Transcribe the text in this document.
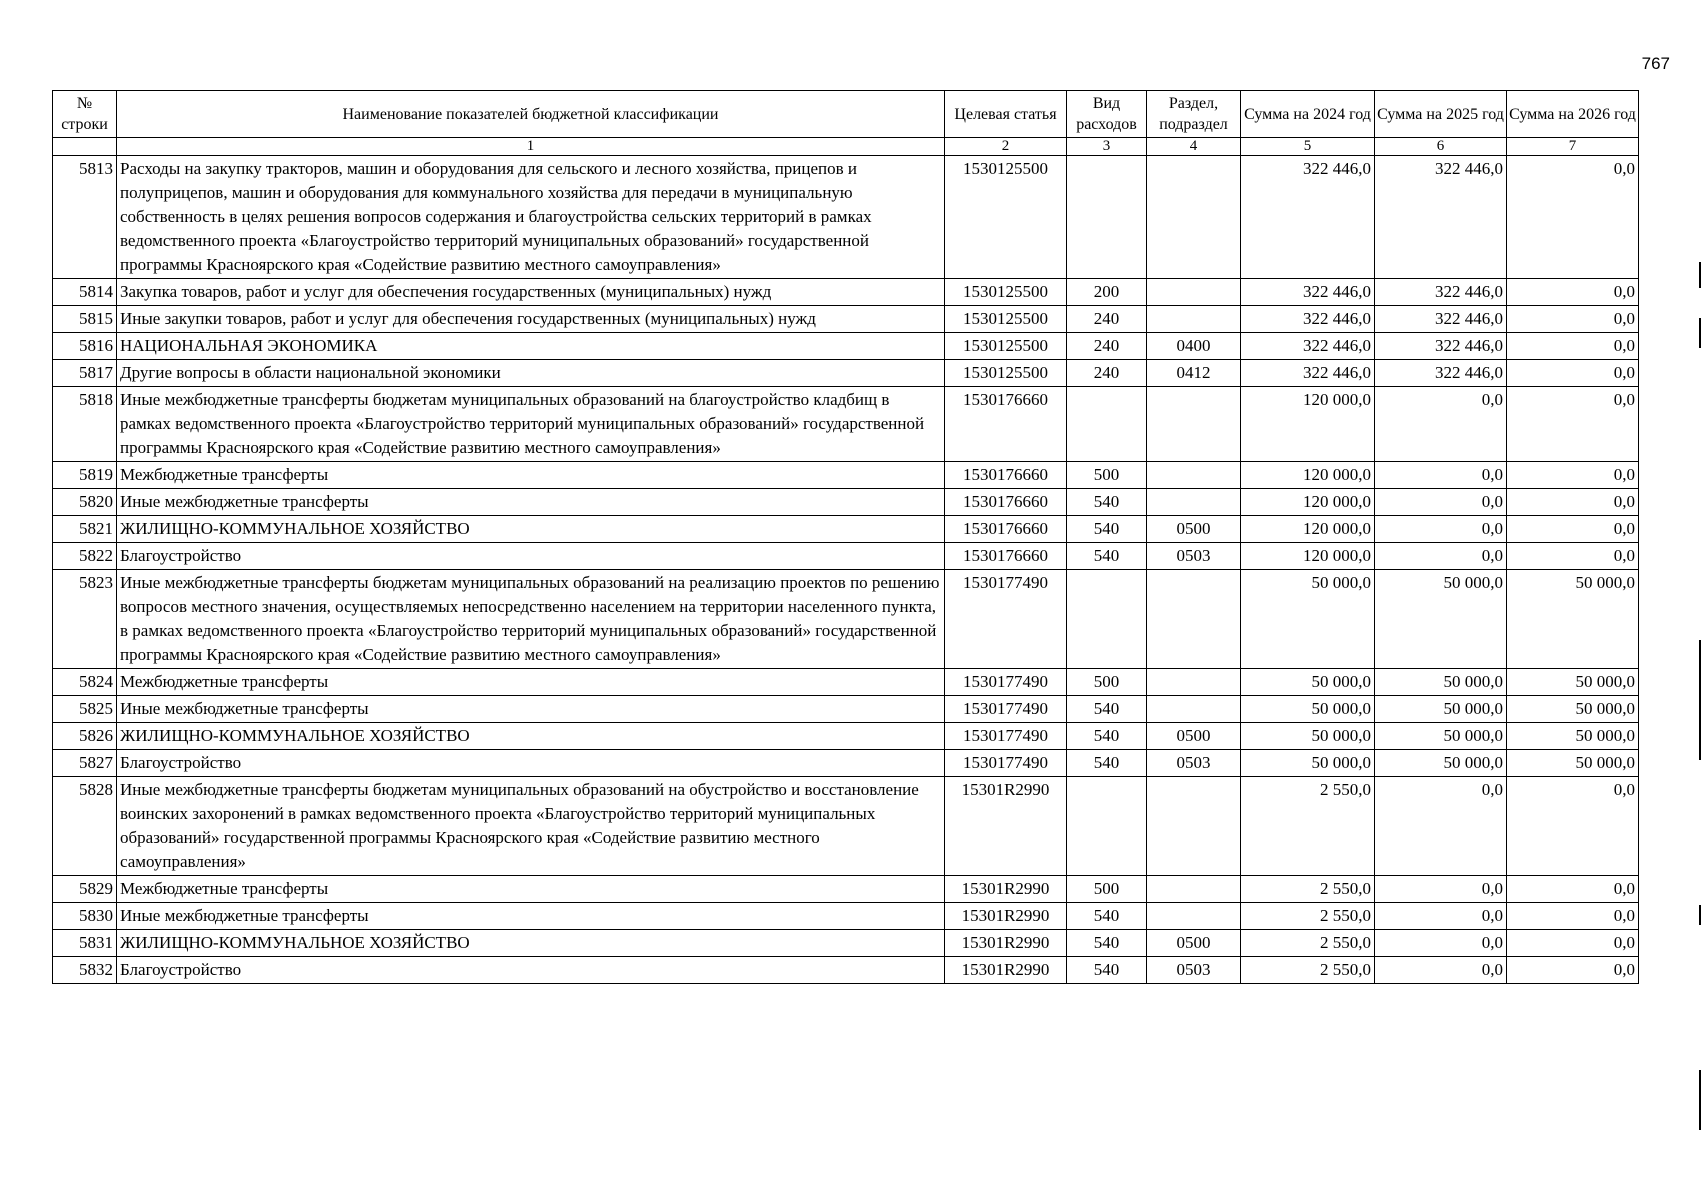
767
№ строки	Наименование показателей бюджетной классификации	Целевая статья	Вид расходов	Раздел, подраздел	Сумма на 2024 год	Сумма на 2025 год	Сумма на 2026 год
	1	2	3	4	5	6	7
5813	Расходы на закупку тракторов, машин и оборудования для сельского и лесного хозяйства, прицепов и полуприцепов, машин и оборудования для коммунального хозяйства для передачи в муниципальную собственность в целях решения вопросов содержания и благоустройства сельских территорий в рамках ведомственного проекта «Благоустройство территорий муниципальных образований» государственной программы Красноярского края «Содействие развитию местного самоуправления»	1530125500			322 446,0	322 446,0	0,0
5814	Закупка товаров, работ и услуг для обеспечения государственных (муниципальных) нужд	1530125500	200		322 446,0	322 446,0	0,0
5815	Иные закупки товаров, работ и услуг для обеспечения государственных (муниципальных) нужд	1530125500	240		322 446,0	322 446,0	0,0
5816	НАЦИОНАЛЬНАЯ ЭКОНОМИКА	1530125500	240	0400	322 446,0	322 446,0	0,0
5817	Другие вопросы в области национальной экономики	1530125500	240	0412	322 446,0	322 446,0	0,0
5818	Иные межбюджетные трансферты бюджетам муниципальных образований на благоустройство кладбищ в рамках ведомственного проекта «Благоустройство территорий муниципальных образований» государственной программы Красноярского края «Содействие развитию местного самоуправления»	1530176660			120 000,0	0,0	0,0
5819	Межбюджетные трансферты	1530176660	500		120 000,0	0,0	0,0
5820	Иные межбюджетные трансферты	1530176660	540		120 000,0	0,0	0,0
5821	ЖИЛИЩНО-КОММУНАЛЬНОЕ ХОЗЯЙСТВО	1530176660	540	0500	120 000,0	0,0	0,0
5822	Благоустройство	1530176660	540	0503	120 000,0	0,0	0,0
5823	Иные межбюджетные трансферты бюджетам муниципальных образований на реализацию проектов по решению вопросов местного значения, осуществляемых непосредственно населением на территории населенного пункта, в рамках ведомственного проекта «Благоустройство территорий муниципальных образований» государственной программы Красноярского края «Содействие развитию местного самоуправления»	1530177490			50 000,0	50 000,0	50 000,0
5824	Межбюджетные трансферты	1530177490	500		50 000,0	50 000,0	50 000,0
5825	Иные межбюджетные трансферты	1530177490	540		50 000,0	50 000,0	50 000,0
5826	ЖИЛИЩНО-КОММУНАЛЬНОЕ ХОЗЯЙСТВО	1530177490	540	0500	50 000,0	50 000,0	50 000,0
5827	Благоустройство	1530177490	540	0503	50 000,0	50 000,0	50 000,0
5828	Иные межбюджетные трансферты бюджетам муниципальных образований на обустройство и восстановление воинских захоронений в рамках ведомственного проекта «Благоустройство территорий муниципальных образований» государственной программы Красноярского края «Содействие развитию местного самоуправления»	15301R2990			2 550,0	0,0	0,0
5829	Межбюджетные трансферты	15301R2990	500		2 550,0	0,0	0,0
5830	Иные межбюджетные трансферты	15301R2990	540		2 550,0	0,0	0,0
5831	ЖИЛИЩНО-КОММУНАЛЬНОЕ ХОЗЯЙСТВО	15301R2990	540	0500	2 550,0	0,0	0,0
5832	Благоустройство	15301R2990	540	0503	2 550,0	0,0	0,0
